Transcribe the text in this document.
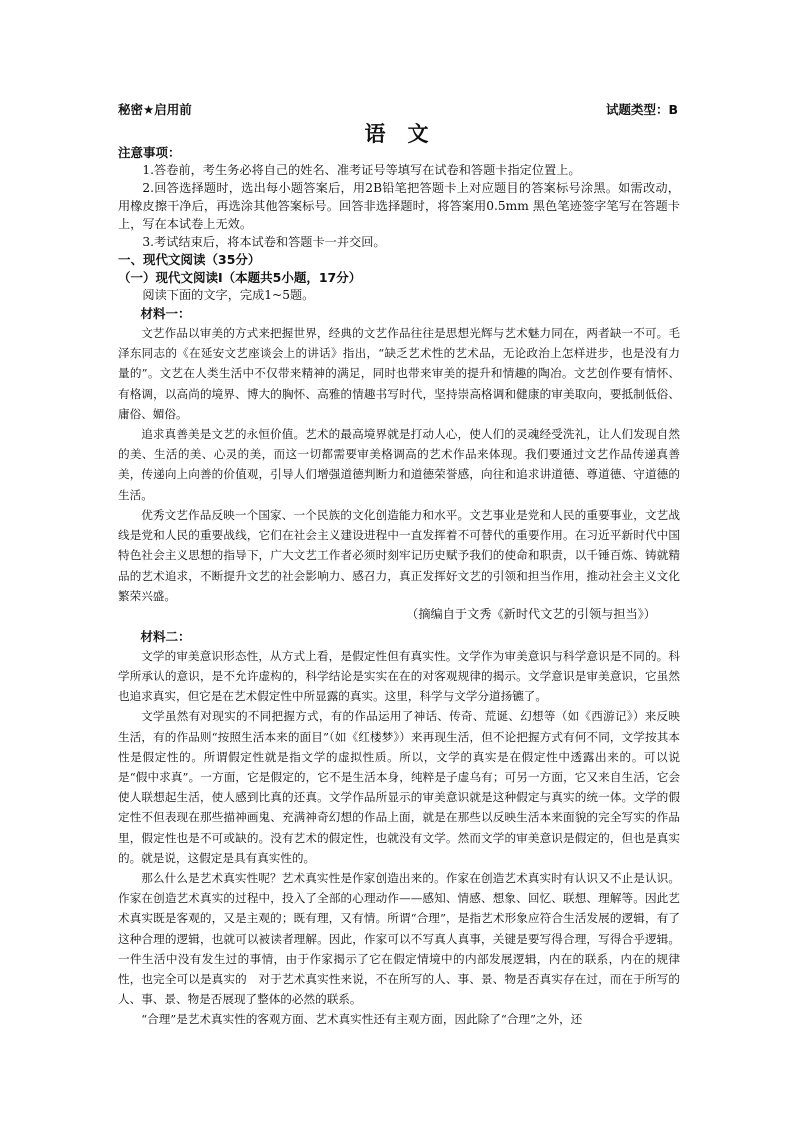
秘密★启用前	试题类型：B
语文

注意事项：

1.答卷前，考生务必将自己的姓名、准考证号等填写在试卷和答题卡指定位置上。

2.回答选择题时，选出每小题答案后，用2B铅笔把答题卡上对应题目的答案标号涂黑。如需改动，用橡皮擦干净后，再选涂其他答案标号。回答非选择题时，将答案用0.5mm 黑色笔迹签字笔写在答题卡上，写在本试卷上无效。

3.考试结束后，将本试卷和答题卡一并交回。

一、现代文阅读（35分）

（一）现代文阅读Ⅰ（本题共5小题，17分）

阅读下面的文字，完成1~5题。

材料一：

文艺作品以审美的方式来把握世界，经典的文艺作品往往是思想光辉与艺术魅力同在，两者缺一不可。毛泽东同志的《在延安文艺座谈会上的讲话》指出，“缺乏艺术性的艺术品，无论政治上怎样进步，也是没有力量的”。文艺在人类生活中不仅带来精神的满足，同时也带来审美的提升和情趣的陶冶。文艺创作要有情怀、有格调，以高尚的境界、博大的胸怀、高雅的情趣书写时代，坚持崇高格调和健康的审美取向，要抵制低俗、庸俗、媚俗。

追求真善美是文艺的永恒价值。艺术的最高境界就是打动人心，使人们的灵魂经受洗礼，让人们发现自然的美、生活的美、心灵的美，而这一切都需要审美格调高的艺术作品来体现。我们要通过文艺作品传递真善美，传递向上向善的价值观，引导人们增强道德判断力和道德荣誉感，向往和追求讲道德、尊道德、守道德的生活。

优秀文艺作品反映一个国家、一个民族的文化创造能力和水平。文艺事业是党和人民的重要事业，文艺战线是党和人民的重要战线，它们在社会主义建设进程中一直发挥着不可替代的重要作用。在习近平新时代中国特色社会主义思想的指导下，广大文艺工作者必须时刻牢记历史赋予我们的使命和职责，以千锤百炼、铸就精品的艺术追求，不断提升文艺的社会影响力、感召力，真正发挥好文艺的引领和担当作用，推动社会主义文化繁荣兴盛。

（摘编自于文秀《新时代文艺的引领与担当》）

材料二：

文学的审美意识形态性，从方式上看，是假定性但有真实性。文学作为审美意识与科学意识是不同的。科学所承认的意识，是不允许虚构的，科学结论是实实在在的对客观规律的揭示。文学意识是审美意识，它虽然也追求真实，但它是在艺术假定性中所显露的真实。这里，科学与文学分道扬镳了。

文学虽然有对现实的不同把握方式，有的作品运用了神话、传奇、荒诞、幻想等（如《西游记》）来反映生活，有的作品则“按照生活本来的面目”（如《红楼梦》）来再现生活，但不论把握方式有何不同，文学按其本性是假定性的。所谓假定性就是指文学的虚拟性质。所以，文学的真实是在假定性中透露出来的。可以说是“假中求真”。一方面，它是假定的，它不是生活本身，纯粹是子虚乌有；可另一方面，它又来自生活，它会使人联想起生活，使人感到比真的还真。文学作品所显示的审美意识就是这种假定与真实的统一体。文学的假定性不但表现在那些描神画鬼、充满神奇幻想的作品上面，就是在那些以反映生活本来面貌的完全写实的作品里，假定性也是不可或缺的。没有艺术的假定性，也就没有文学。然而文学的审美意识是假定的，但也是真实的。就是说，这假定是具有真实性的。

那么什么是艺术真实性呢？艺术真实性是作家创造出来的。作家在创造艺术真实时有认识又不止是认识。作家在创造艺术真实的过程中，投入了全部的心理动作——感知、情感、想象、回忆、联想、理解等。因此艺术真实既是客观的，又是主观的；既有理，又有情。所谓“合理”，是指艺术形象应符合生活发展的逻辑，有了这种合理的逻辑，也就可以被读者理解。因此，作家可以不写真人真事，关键是要写得合理，写得合乎逻辑。一件生活中没有发生过的事情，由于作家揭示了它在假定情境中的内部发展逻辑，内在的联系，内在的规律性，也完全可以是真实的　对于艺术真实性来说，不在所写的人、事、景、物是否真实存在过，而在于所写的人、事、景、物是否展现了整体的必然的联系。

“合理”是艺术真实性的客观方面、艺术真实性还有主观方面，因此除了“合理”之外，还
